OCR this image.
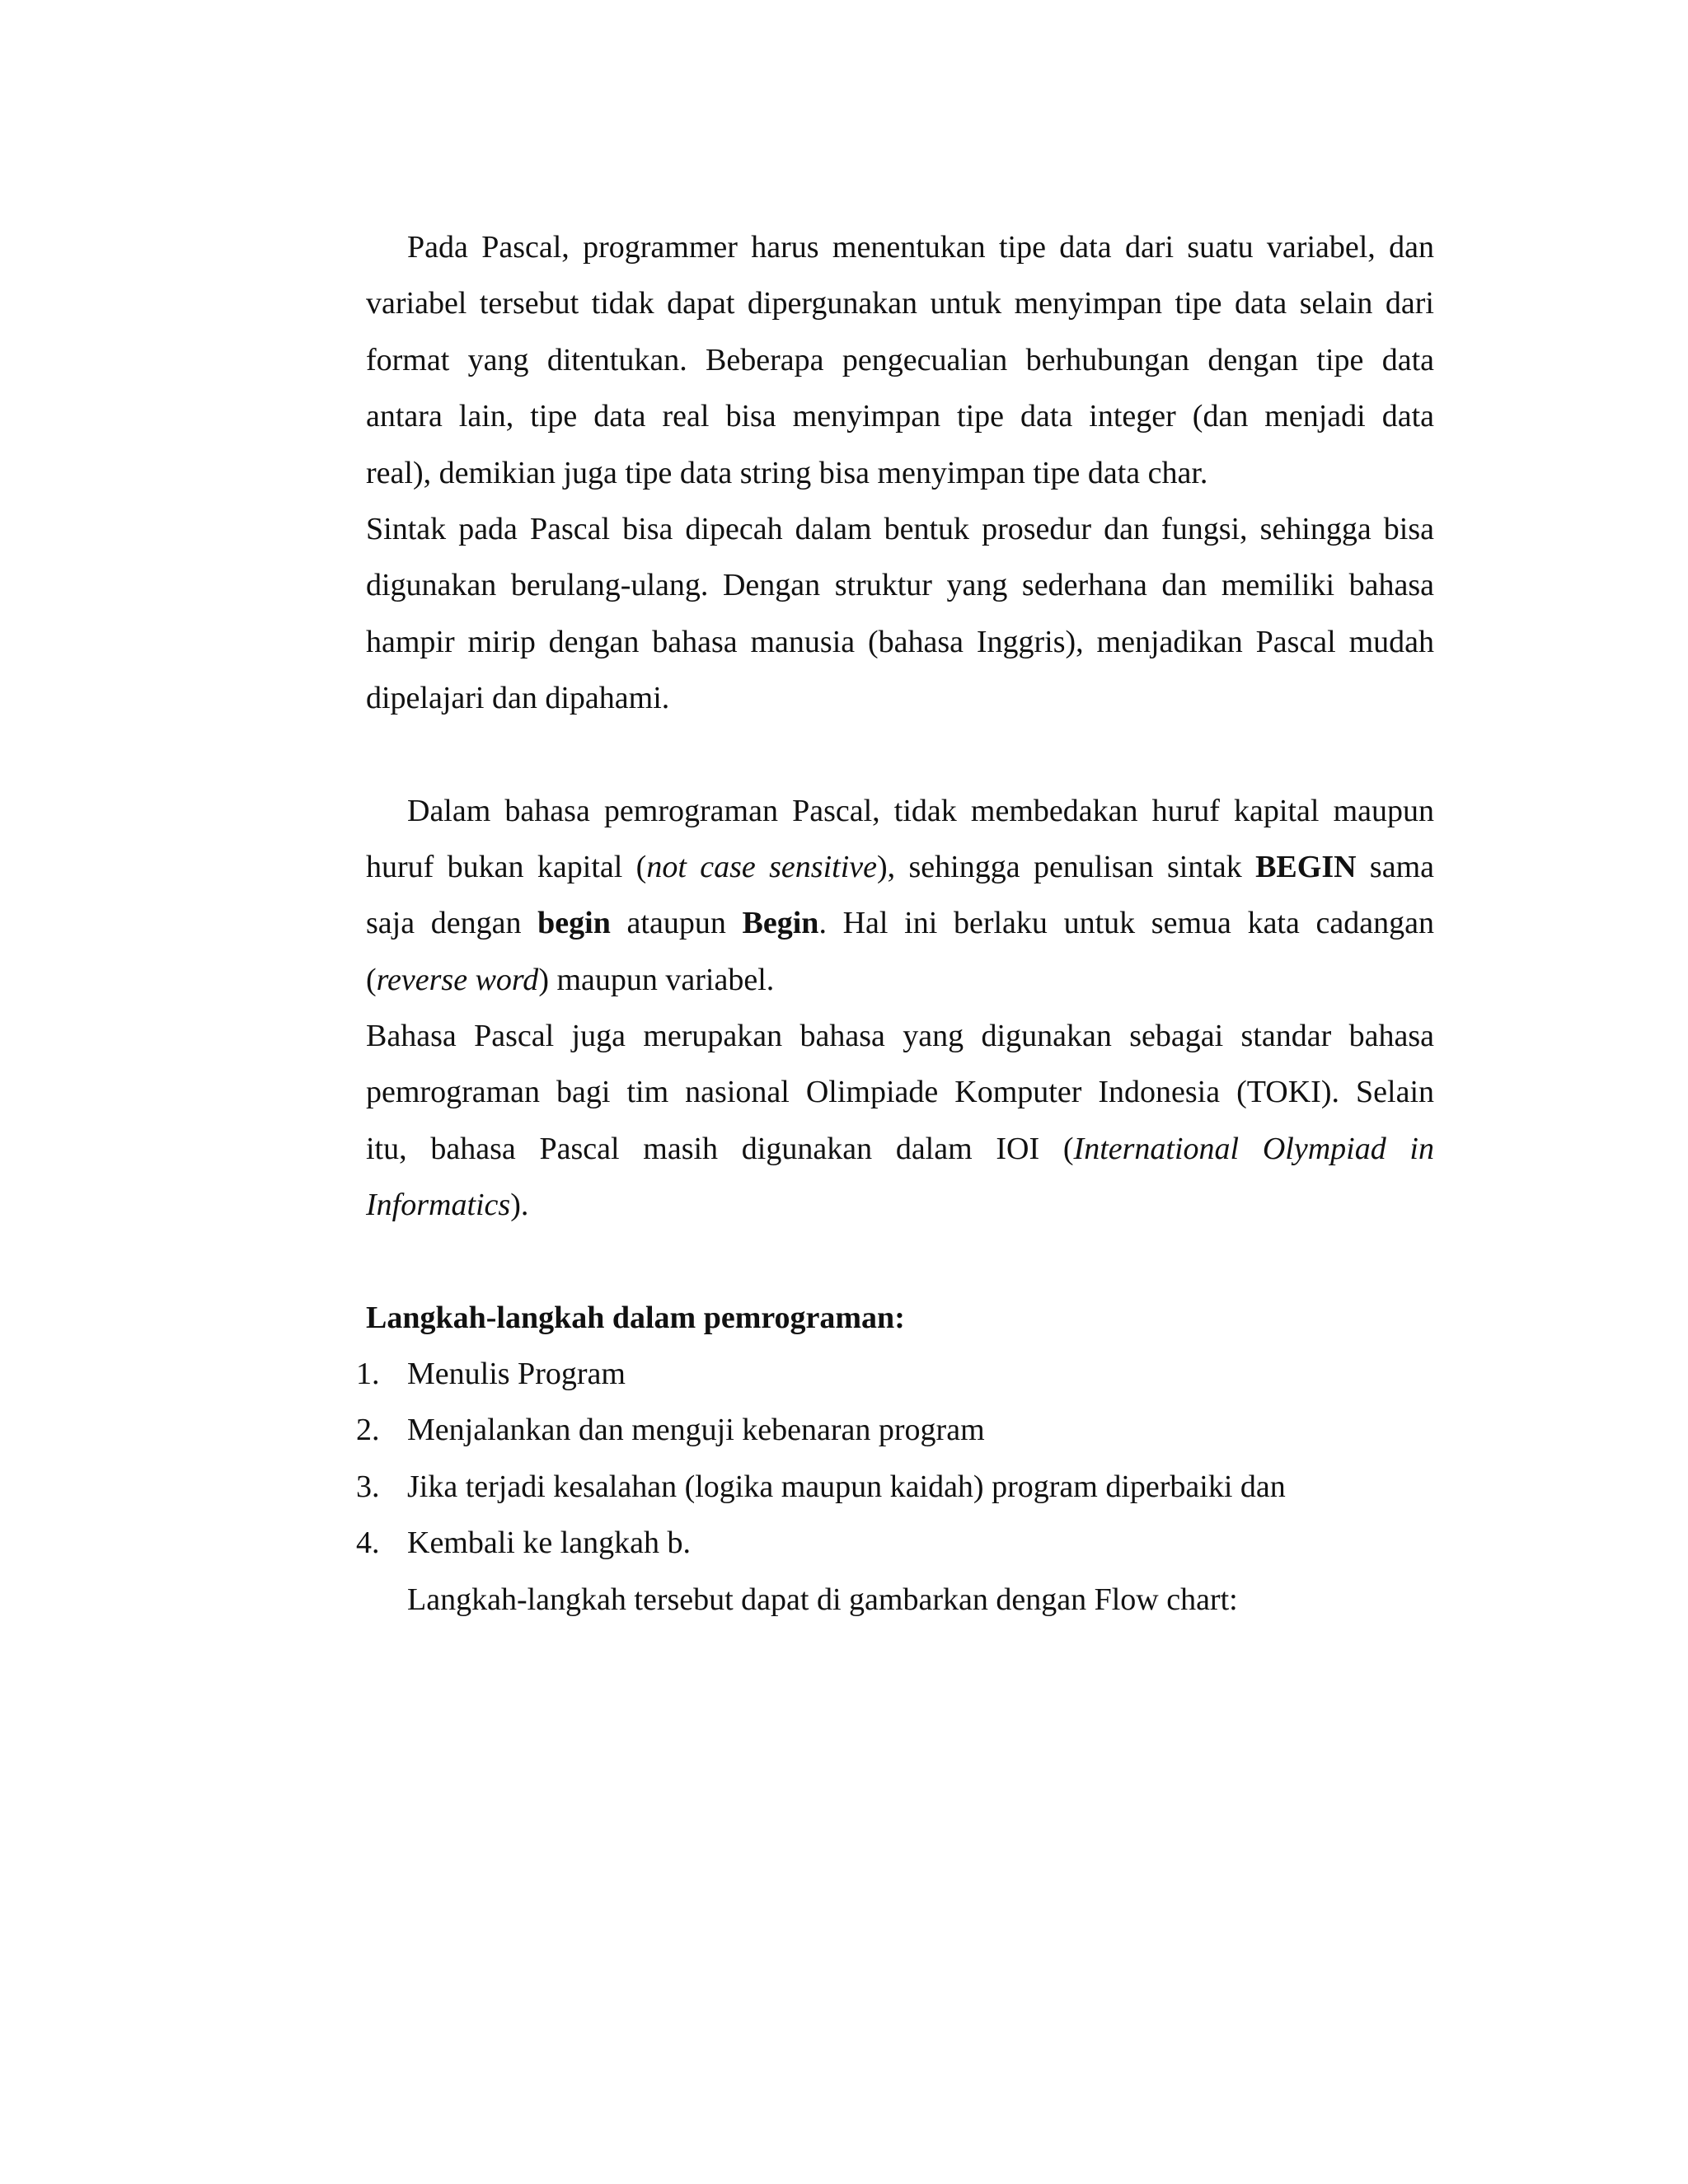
Pada Pascal, programmer harus menentukan tipe data dari suatu variabel, dan

variabel tersebut tidak dapat dipergunakan untuk menyimpan tipe data selain dari

format yang ditentukan. Beberapa pengecualian berhubungan dengan tipe data

antara lain, tipe data real bisa menyimpan tipe data integer (dan menjadi data

real), demikian juga tipe data string bisa menyimpan tipe data char.

Sintak pada Pascal bisa dipecah dalam bentuk prosedur dan fungsi, sehingga bisa

digunakan berulang-ulang. Dengan struktur yang sederhana dan memiliki bahasa

hampir mirip dengan bahasa manusia (bahasa Inggris), menjadikan Pascal mudah

dipelajari dan dipahami.

Dalam bahasa pemrograman Pascal, tidak membedakan huruf kapital maupun

huruf bukan kapital (not case sensitive), sehingga penulisan sintak BEGIN sama

saja dengan begin ataupun Begin. Hal ini berlaku untuk semua kata cadangan

(reverse word) maupun variabel.

Bahasa Pascal juga merupakan bahasa yang digunakan sebagai standar bahasa

pemrograman bagi tim nasional Olimpiade Komputer Indonesia (TOKI). Selain

itu, bahasa Pascal masih digunakan dalam IOI (International Olympiad in

Informatics).

Langkah-langkah dalam pemrograman:

1. Menulis Program
2. Menjalankan dan menguji kebenaran program
3. Jika terjadi kesalahan (logika maupun kaidah) program diperbaiki dan
4. Kembali ke langkah b.

Langkah-langkah tersebut dapat di gambarkan dengan Flow chart:
